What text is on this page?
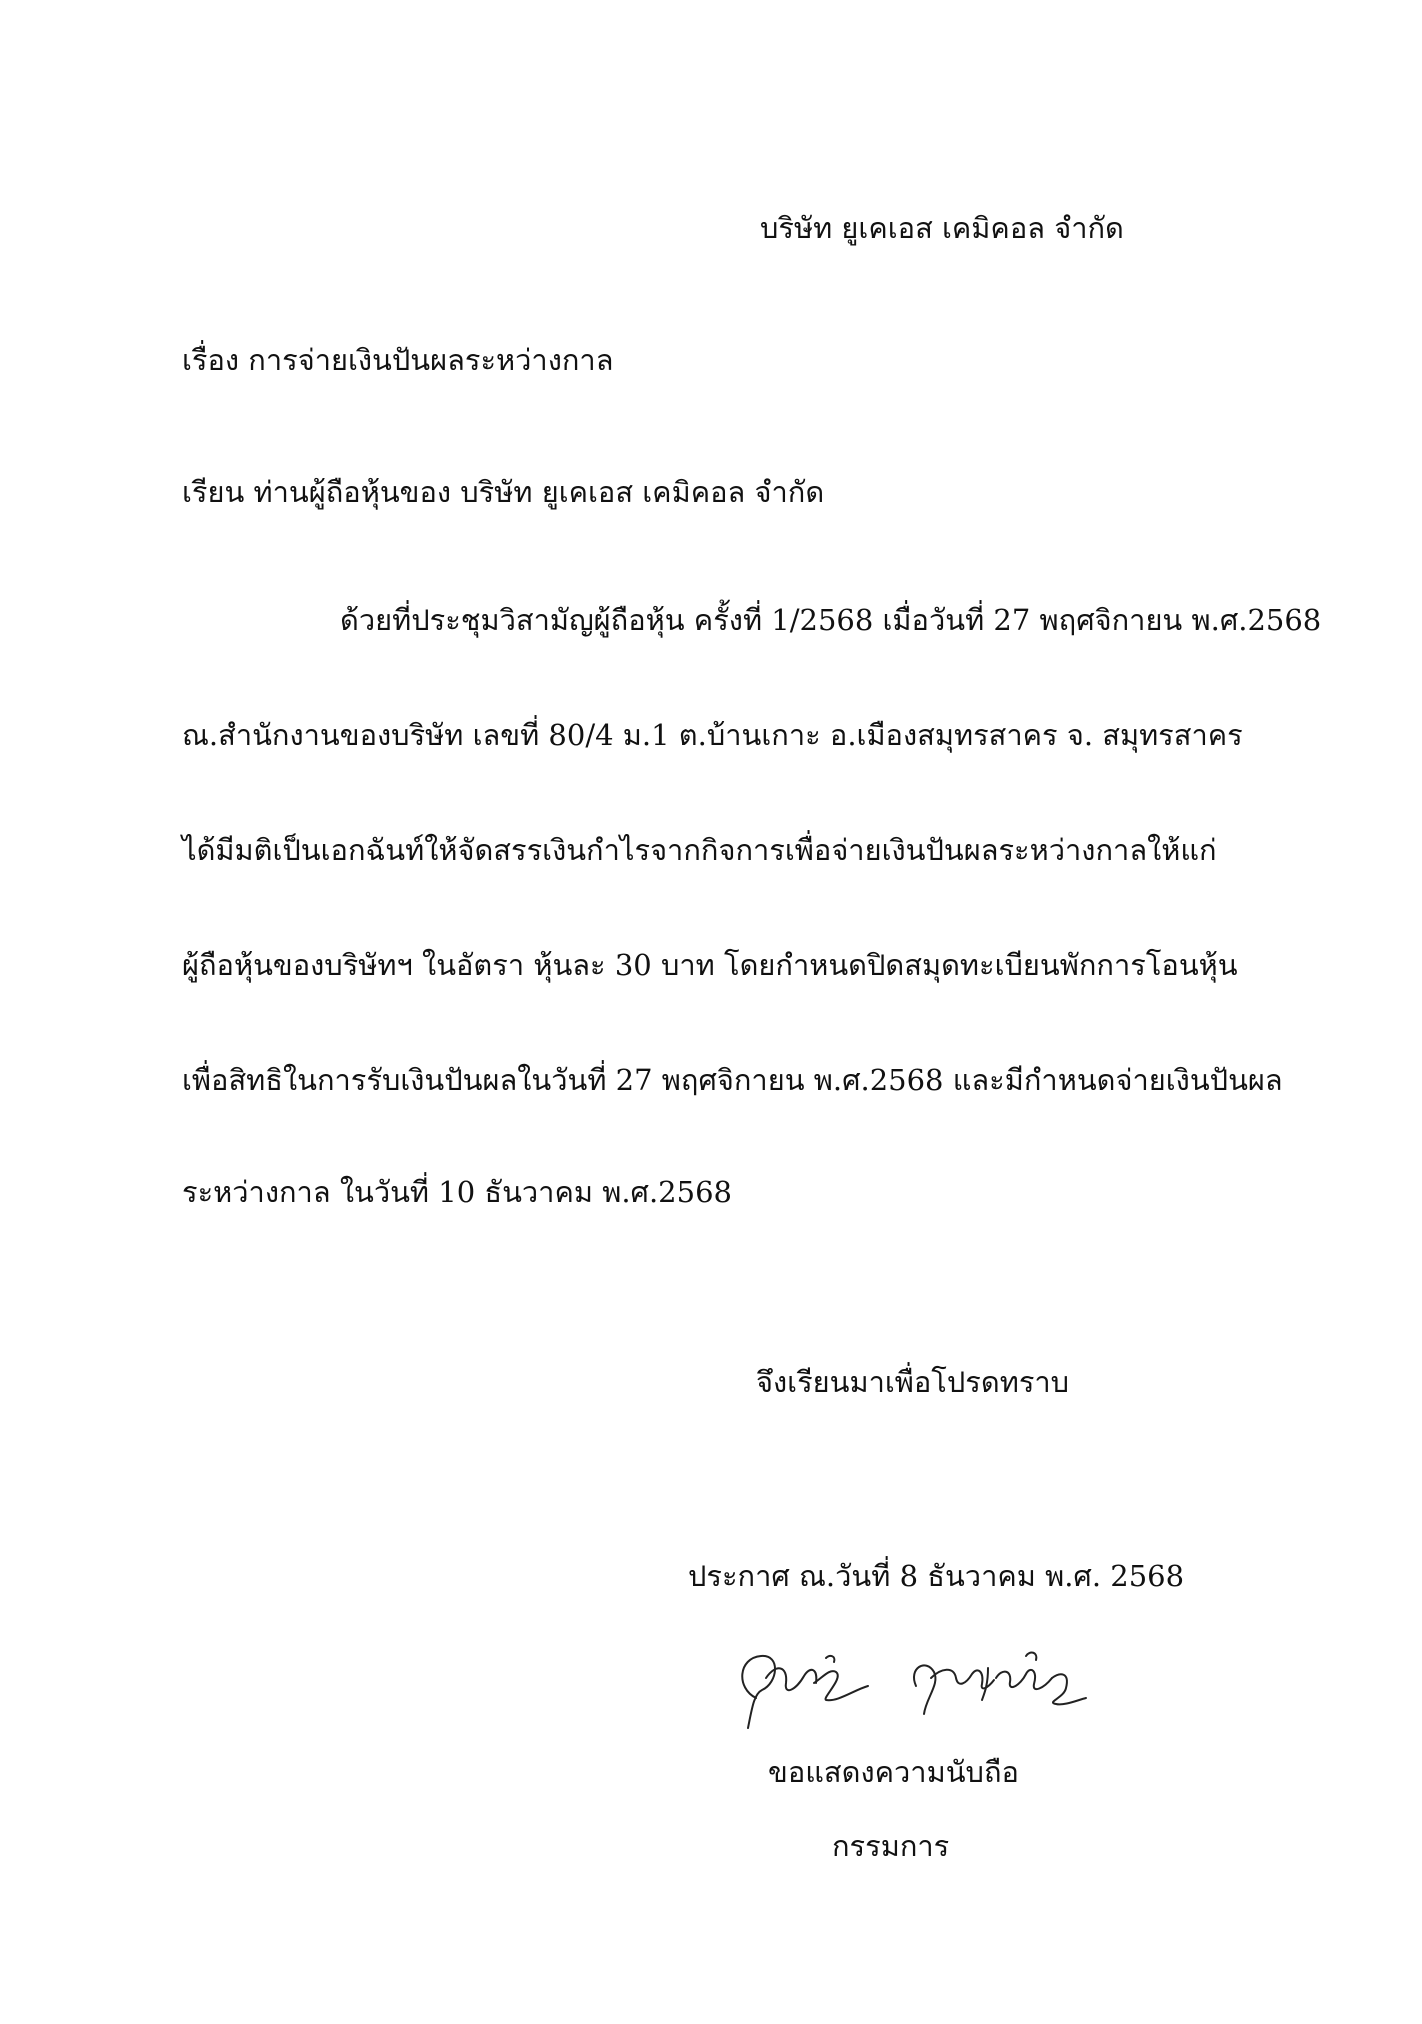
บริษัท ยูเคเอส เคมิคอล จำกัด
เรื่อง การจ่ายเงินปันผลระหว่างกาล
เรียน ท่านผู้ถือหุ้นของ บริษัท ยูเคเอส เคมิคอล จำกัด
ด้วยที่ประชุมวิสามัญผู้ถือหุ้น ครั้งที่ 1/2568 เมื่อวันที่ 27 พฤศจิกายน พ.ศ.2568
ณ.สำนักงานของบริษัท เลขที่ 80/4 ม.1 ต.บ้านเกาะ อ.เมืองสมุทรสาคร จ. สมุทรสาคร
ได้มีมติเป็นเอกฉันท์ให้จัดสรรเงินกำไรจากกิจการเพื่อจ่ายเงินปันผลระหว่างกาลให้แก่
ผู้ถือหุ้นของบริษัทฯ ในอัตรา หุ้นละ 30 บาท โดยกำหนดปิดสมุดทะเบียนพักการโอนหุ้น
เพื่อสิทธิในการรับเงินปันผลในวันที่ 27 พฤศจิกายน พ.ศ.2568 และมีกำหนดจ่ายเงินปันผล
ระหว่างกาล ในวันที่ 10 ธันวาคม พ.ศ.2568
จึงเรียนมาเพื่อโปรดทราบ
ประกาศ ณ.วันที่ 8 ธันวาคม พ.ศ. 2568
ขอแสดงความนับถือ
กรรมการ
